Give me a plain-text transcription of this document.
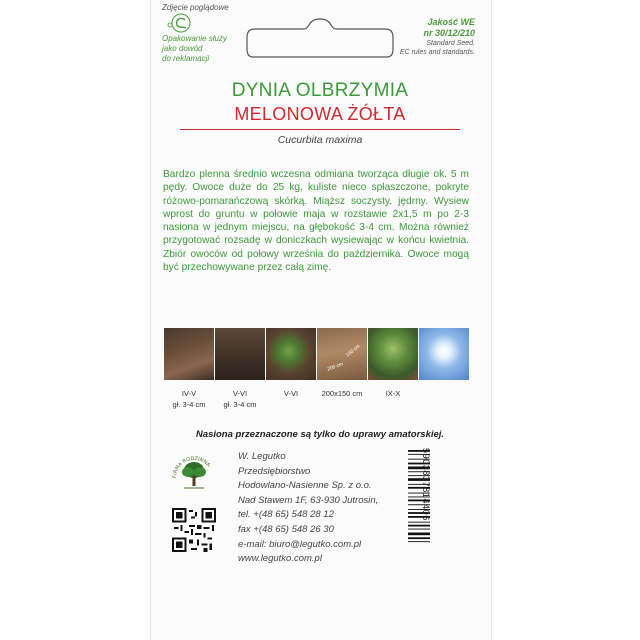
Zdjęcie poglądowe
Opakowanie służy
jako dowód
do reklamacji
Jakość WE
nr 30/12/210
Standard Seed.
EC rules and standards.
DYNIA OLBRZYMIA
MELONOWA ŻÓŁTA
Cucurbita maxima

Bardzo plenna średnio wczesna odmiana tworząca długie ok. 5 m pędy. Owoce duże do 25 kg, kuliste nieco spłaszczone, pokryte różowo-pomarańczową skórką. Miąższ soczysty, jędrny. Wysiew wprost do gruntu w połowie maja w rozstawie 2x1,5 m po 2-3 nasiona w jednym miejscu, na głębokość 3-4 cm. Można również przygotować rozsadę w doniczkach wysiewając w końcu kwietnia. Zbiór owoców od połowy września do października. Owoce mogą być przechowywane przez całą zimę.

150 cm
200 cm
IV-V
gł. 3-4 cm
V-VI
gł. 3-4 cm
V-VI	200x150 cm	IX-X
Nasiona przeznaczone są tylko do uprawy amatorskiej.
FIRMA RODZINNA
W. Legutko
Przedsiębiorstwo
Hodowlano-Nasienne Sp. z o.o.
Nad Stawem 1F, 63-930 Jutrosin,
tel. +(48 65) 548 28 12
fax +(48 65) 548 26 30
e-mail: biuro@legutko.com.pl
www.legutko.com.pl
5903837814406
